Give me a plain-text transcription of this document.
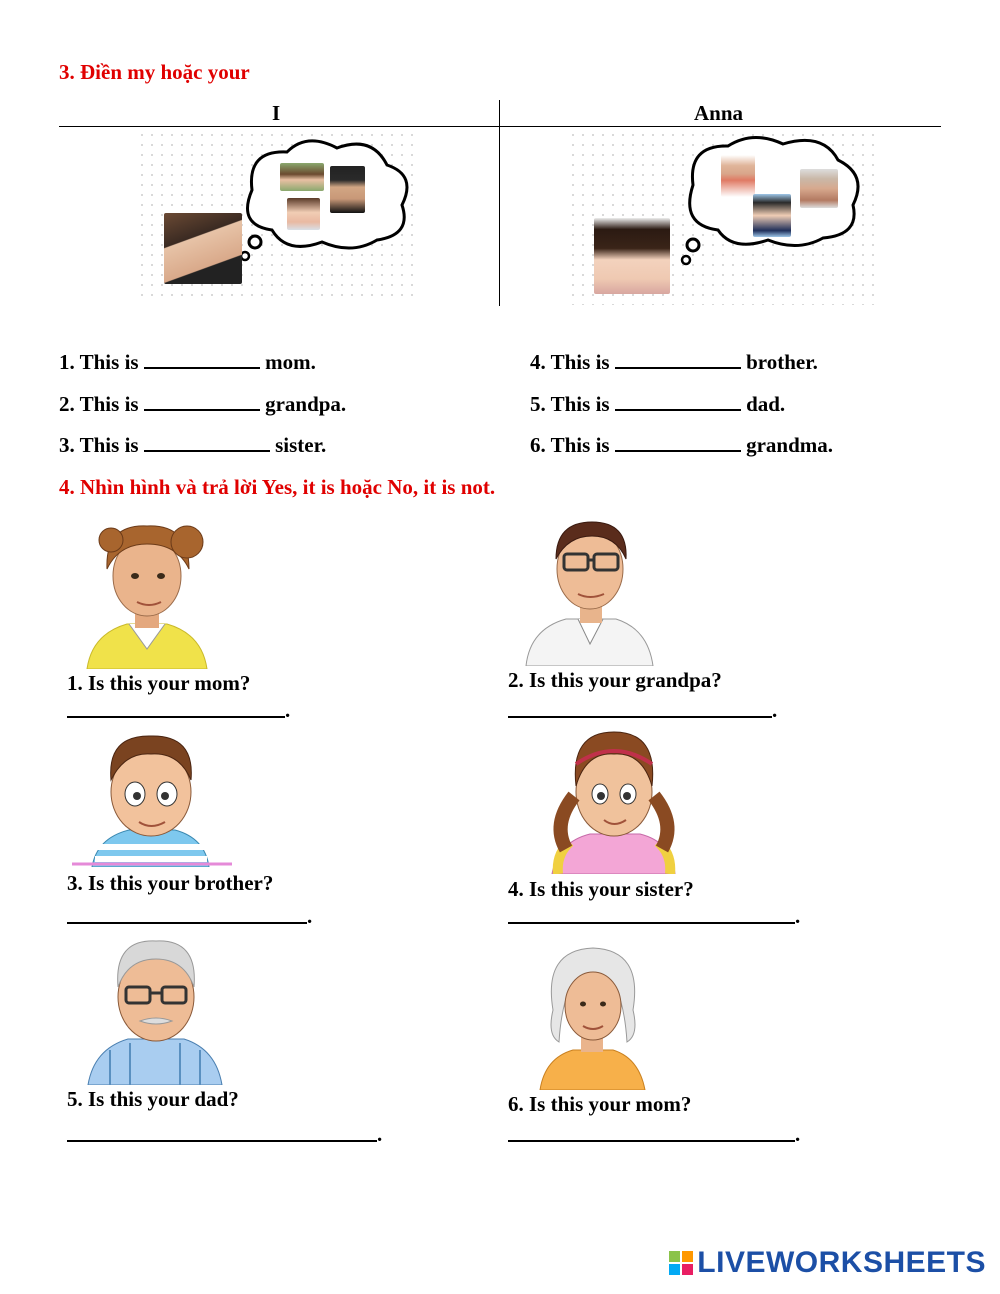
3. Điền my hoặc your
I	Anna
1. This is	mom.
2. This is	grandpa.
3. This is	sister.
4. This is	brother.
5. This is	dad.
6. This is	grandma.
4. Nhìn hình và trả lời Yes, it is hoặc No, it is not.
1. Is this your mom?
.
2. Is this your grandpa?
.
3. Is this your brother?
.
4. Is this your sister?
.
5. Is this your dad?
.
6. Is this your mom?
.
LIVEWORKSHEETS
